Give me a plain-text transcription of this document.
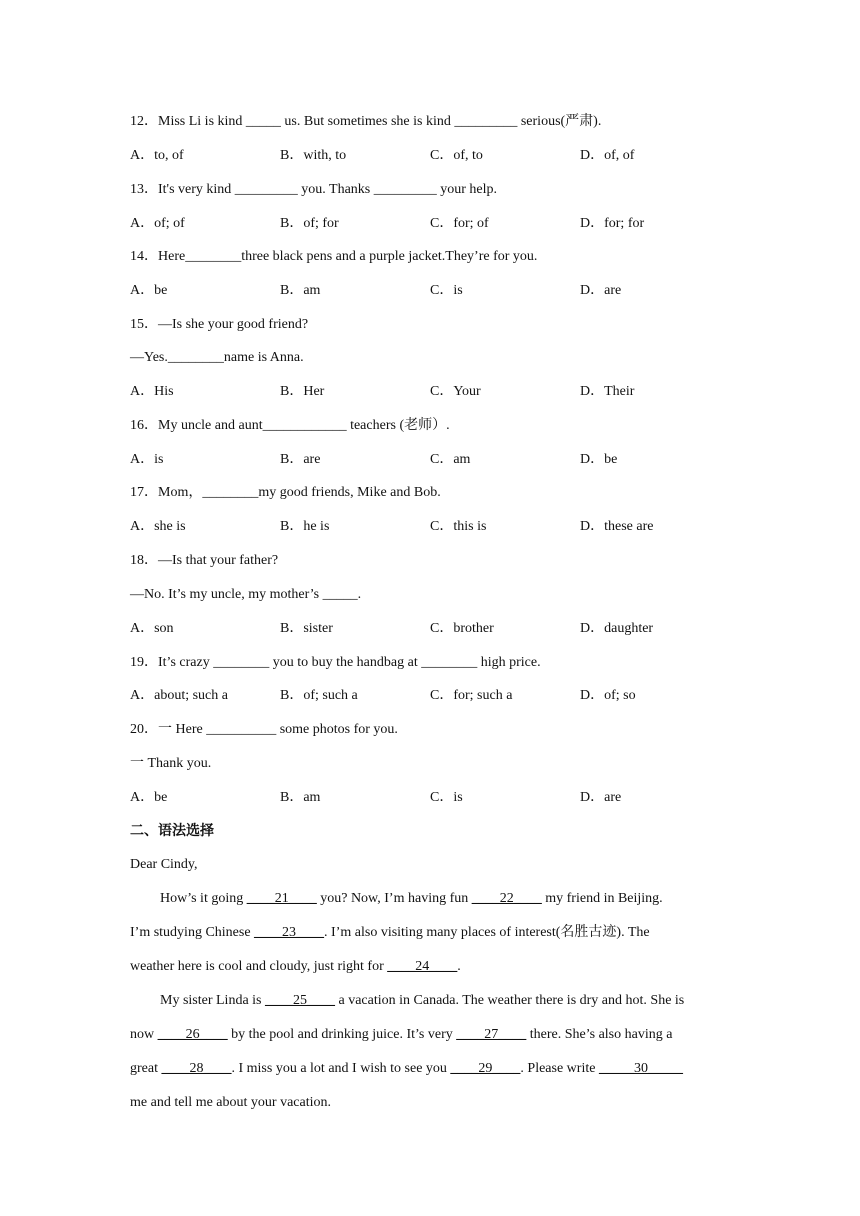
12．Miss Li is kind _____ us. But sometimes she is kind _________ serious(严肃).
A．to, of	B．with, to	C．of, to	D．of, of
13．It's very kind _________ you. Thanks _________ your help.
A．of; of	B．of; for	C．for; of	D．for; for
14．Here________three black pens and a purple jacket.They’re for you.
A．be	B．am	C．is	D．are
15．—Is she your good friend?
—Yes.________name is Anna.
A．His	B．Her	C．Your	D．Their
16．My uncle and aunt____________ teachers (老师）.
A．is	B．are	C．am	D．be
17．Mom，________my good friends, Mike and Bob.
A．she is	B．he is	C．this is	D．these are
18．—Is that your father?
—No. It’s my uncle, my mother’s _____.
A．son	B．sister	C．brother	D．daughter
19．It’s crazy ________ you to buy the handbag at ________ high price.
A．about; such a	B．of; such a	C．for; such a	D．of; so
20．一 Here __________ some photos for you.
一 Thank you.
A．be	B．am	C．is	D．are
二、语法选择
Dear Cindy,
How’s it going ____21____ you? Now, I’m having fun ____22____ my friend in Beijing.
I’m studying Chinese ____23____. I’m also visiting many places of interest(名胜古迹). The
weather here is cool and cloudy, just right for ____24____.
My sister Linda is ____25____ a vacation in Canada. The weather there is dry and hot. She is
now ____26____ by the pool and drinking juice. It’s very ____27____ there. She’s also having a
great ____28____. I miss you a lot and I wish to see you ____29____. Please write _____30_____
me and tell me about your vacation.
